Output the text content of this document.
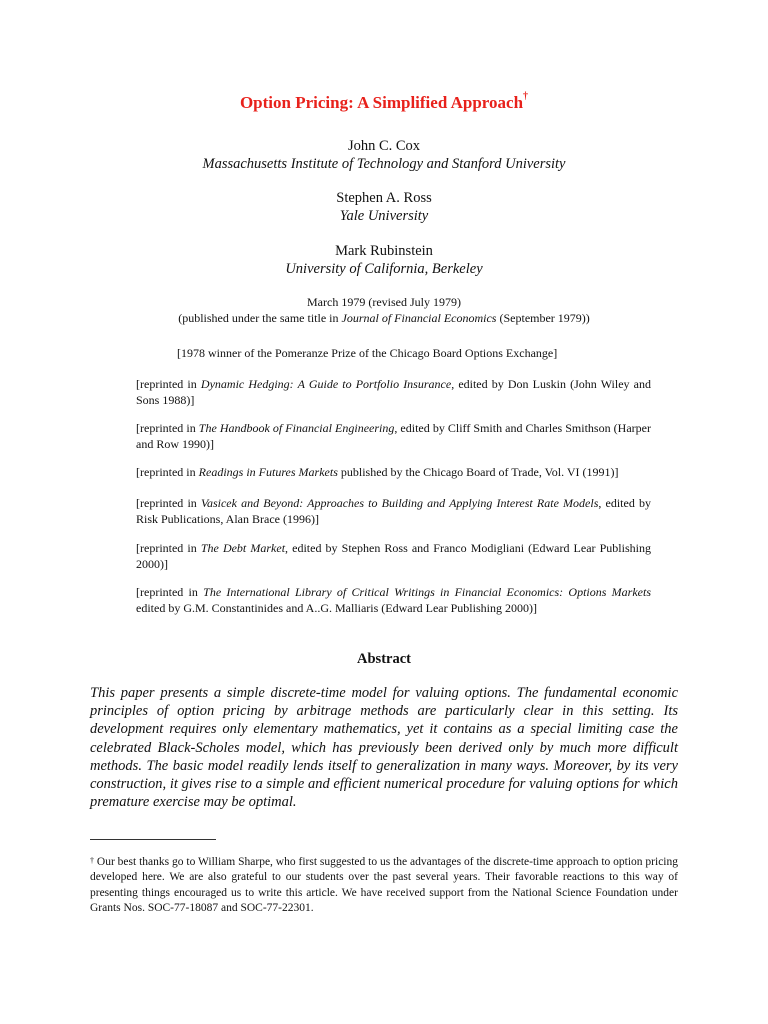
Option Pricing: A Simplified Approach†
John C. Cox
Massachusetts Institute of Technology and Stanford University
Stephen A. Ross
Yale University
Mark Rubinstein
University of California, Berkeley
March 1979 (revised July 1979)
(published under the same title in Journal of Financial Economics (September 1979))
[1978 winner of the Pomeranze Prize of the Chicago Board Options Exchange]
[reprinted in Dynamic Hedging: A Guide to Portfolio Insurance, edited by Don Luskin (John Wiley and Sons 1988)]
[reprinted in The Handbook of Financial Engineering, edited by Cliff Smith and Charles Smithson (Harper and Row 1990)]
[reprinted in Readings in Futures Markets published by the Chicago Board of Trade, Vol. VI (1991)]
[reprinted in Vasicek and Beyond: Approaches to Building and Applying Interest Rate Models, edited by Risk Publications, Alan Brace (1996)]
[reprinted in The Debt Market, edited by Stephen Ross and Franco Modigliani (Edward Lear Publishing 2000)]
[reprinted in The International Library of Critical Writings in Financial Economics: Options Markets edited by G.M. Constantinides and A..G. Malliaris (Edward Lear Publishing 2000)]
Abstract
This paper presents a simple discrete-time model for valuing options. The fundamental economic principles of option pricing by arbitrage methods are particularly clear in this setting. Its development requires only elementary mathematics, yet it contains as a special limiting case the celebrated Black-Scholes model, which has previously been derived only by much more difficult methods. The basic model readily lends itself to generalization in many ways. Moreover, by its very construction, it gives rise to a simple and efficient numerical procedure for valuing options for which premature exercise may be optimal.
† Our best thanks go to William Sharpe, who first suggested to us the advantages of the discrete-time approach to option pricing developed here. We are also grateful to our students over the past several years. Their favorable reactions to this way of presenting things encouraged us to write this article. We have received support from the National Science Foundation under Grants Nos. SOC-77-18087 and SOC-77-22301.
